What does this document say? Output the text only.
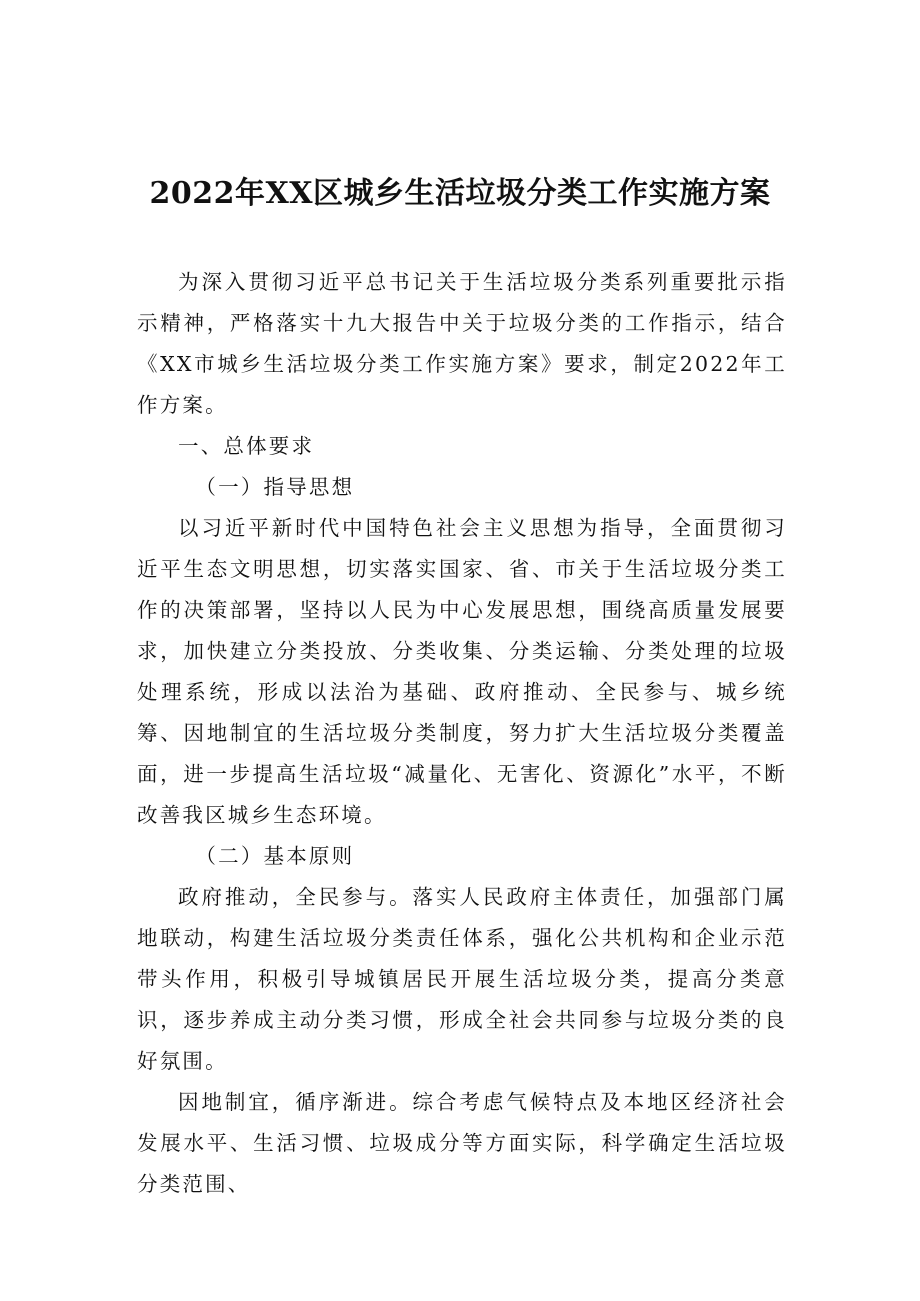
2022年XX区城乡生活垃圾分类工作实施方案

为深入贯彻习近平总书记关于生活垃圾分类系列重要批示指示精神，严格落实十九大报告中关于垃圾分类的工作指示，结合《XX市城乡生活垃圾分类工作实施方案》要求，制定2022年工作方案。

一、总体要求

（一）指导思想

以习近平新时代中国特色社会主义思想为指导，全面贯彻习近平生态文明思想，切实落实国家、省、市关于生活垃圾分类工作的决策部署，坚持以人民为中心发展思想，围绕高质量发展要求，加快建立分类投放、分类收集、分类运输、分类处理的垃圾处理系统，形成以法治为基础、政府推动、全民参与、城乡统筹、因地制宜的生活垃圾分类制度，努力扩大生活垃圾分类覆盖面，进一步提高生活垃圾“减量化、无害化、资源化”水平，不断改善我区城乡生态环境。

（二）基本原则

政府推动，全民参与。落实人民政府主体责任，加强部门属地联动，构建生活垃圾分类责任体系，强化公共机构和企业示范带头作用，积极引导城镇居民开展生活垃圾分类，提高分类意识，逐步养成主动分类习惯，形成全社会共同参与垃圾分类的良好氛围。

因地制宜，循序渐进。综合考虑气候特点及本地区经济社会发展水平、生活习惯、垃圾成分等方面实际，科学确定生活垃圾分类范围、
